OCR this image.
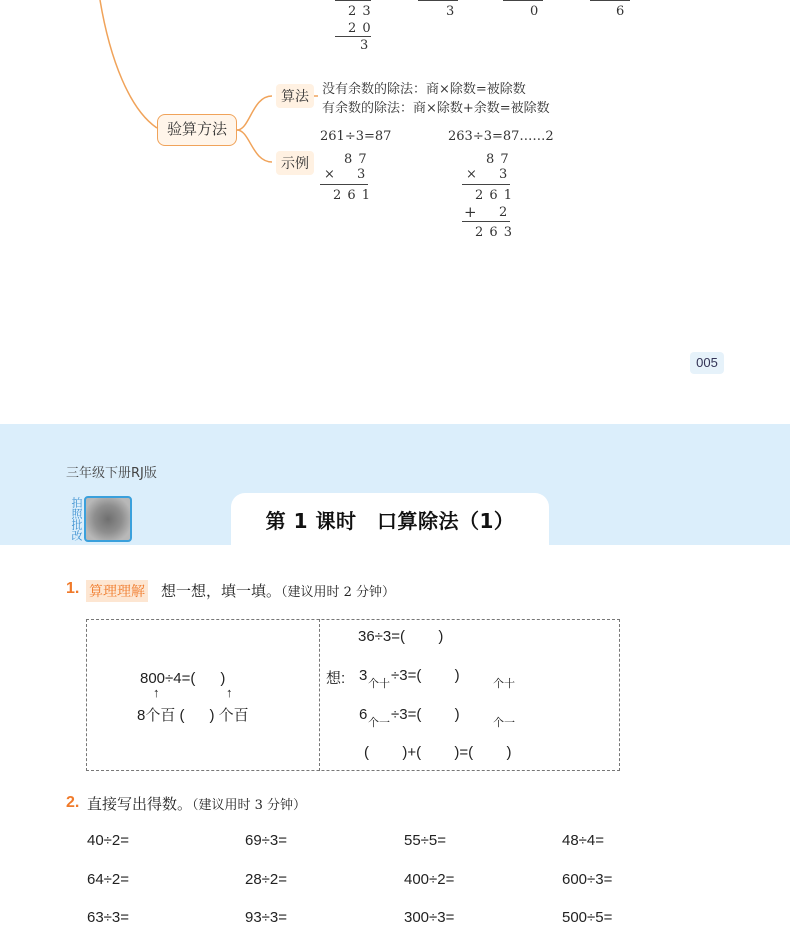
2 3
2 0
3
3	0	6
验算方法
算法
示例
没有余数的除法：商×除数=被除数
有余数的除法：商×除数+余数=被除数
261÷3=87	263÷3=87……2
8 7
× 3
2 6 1
8 7
× 3
2 6 1
+ 2
2 6 3
005
三年级下册RJ版
拍照批改	第 1 课时　口算除法（1）
1. 算理理解 想一想，填一填。（建议用时 2 分钟）
800÷4=(      )
↑	↑
8个百 (      ) 个百
36÷3=(        )
想: 3 个十 ÷3=(        )	个十
6 个一 ÷3=(        )	个一
(        )+(        )=(        )
2. 直接写出得数。（建议用时 3 分钟）
40÷2=	69÷3=	55÷5=	48÷4=
64÷2=	28÷2=	400÷2=	600÷3=
63÷3=	93÷3=	300÷3=	500÷5=
